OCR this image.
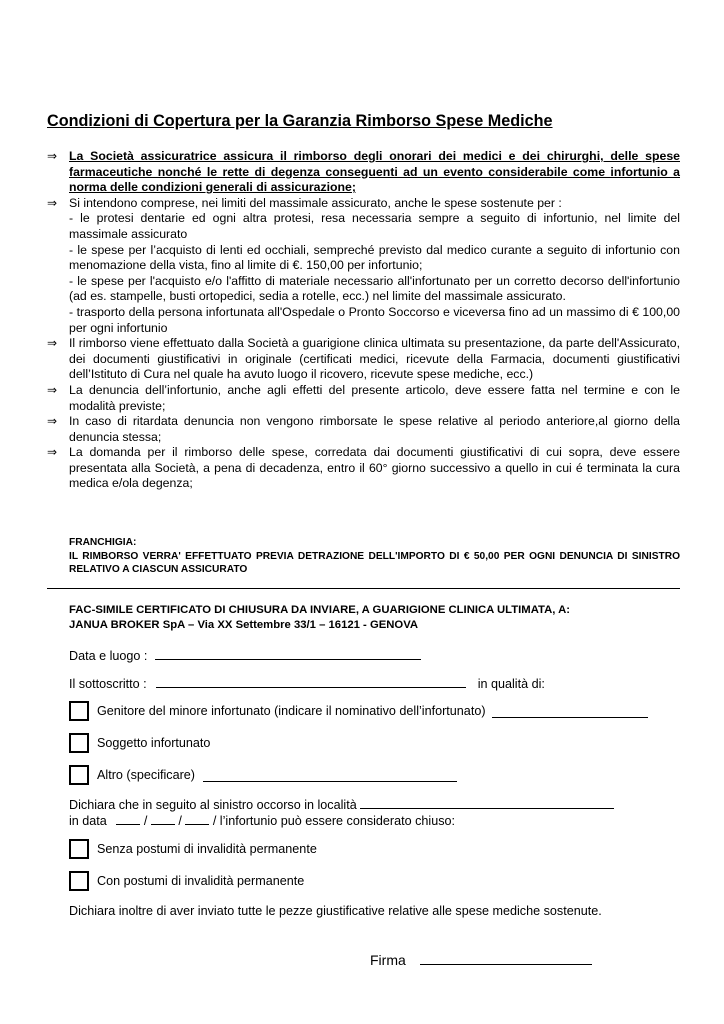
Condizioni di Copertura per la Garanzia Rimborso Spese Mediche
⇒ La Società assicuratrice assicura il rimborso degli onorari dei medici e dei chirurghi, delle spese farmaceutiche nonché le rette di degenza conseguenti ad un evento considerabile come infortunio a norma delle condizioni generali di assicurazione;

⇒ Si intendono comprese, nei limiti del massimale assicurato, anche le spese sostenute per :

- le protesi dentarie ed ogni altra protesi, resa necessaria sempre a seguito di infortunio, nel limite del massimale assicurato

- le spese per l’acquisto di lenti ed occhiali, sempreché previsto dal medico curante a seguito di infortunio con menomazione della vista, fino al limite di €. 150,00 per infortunio;

- le spese per l'acquisto e/o l'affitto di materiale necessario all'infortunato per un corretto decorso dell'infortunio (ad es. stampelle, busti ortopedici, sedia a rotelle, ecc.) nel limite del massimale assicurato.

- trasporto della persona infortunata all'Ospedale o Pronto Soccorso e viceversa fino ad un massimo di € 100,00 per ogni infortunio

⇒ Il rimborso viene effettuato dalla Società a guarigione clinica ultimata su presentazione, da parte dell'Assicurato, dei documenti giustificativi in originale (certificati medici, ricevute della Farmacia, documenti giustificativi dell’Istituto di Cura nel quale ha avuto luogo il ricovero, ricevute spese mediche, ecc.)

⇒ La denuncia dell’infortunio, anche agli effetti del presente articolo, deve essere fatta nel termine e con le modalità previste;

⇒ In caso di ritardata denuncia non vengono rimborsate le spese relative al periodo anteriore,al giorno della denuncia stessa;

⇒ La domanda per il rimborso delle spese, corredata dai documenti giustificativi di cui sopra, deve essere presentata alla Società, a pena di decadenza, entro il 60° giorno successivo a quello in cui é terminata la cura medica e/ola degenza;

FRANCHIGIA:

IL RIMBORSO VERRA' EFFETTUATO PREVIA DETRAZIONE DELL'IMPORTO DI € 50,00 PER OGNI DENUNCIA DI SINISTRO RELATIVO A CIASCUN ASSICURATO

FAC-SIMILE CERTIFICATO DI CHIUSURA DA INVIARE, A GUARIGIONE CLINICA ULTIMATA, A:

JANUA BROKER SpA – Via XX Settembre 33/1 – 16121 - GENOVA

Data e luogo :
Il sottoscritto :	in qualità di:
Genitore del minore infortunato (indicare il nominativo dell’infortunato)
Soggetto infortunato
Altro (specificare)
Dichiara che in seguito al sinistro occorso in località
in data	/ / / l’infortunio può essere considerato chiuso:
Senza postumi di invalidità permanente
Con postumi di invalidità permanente
Dichiara inoltre di aver inviato tutte le pezze giustificative relative alle spese mediche sostenute.
Firma
